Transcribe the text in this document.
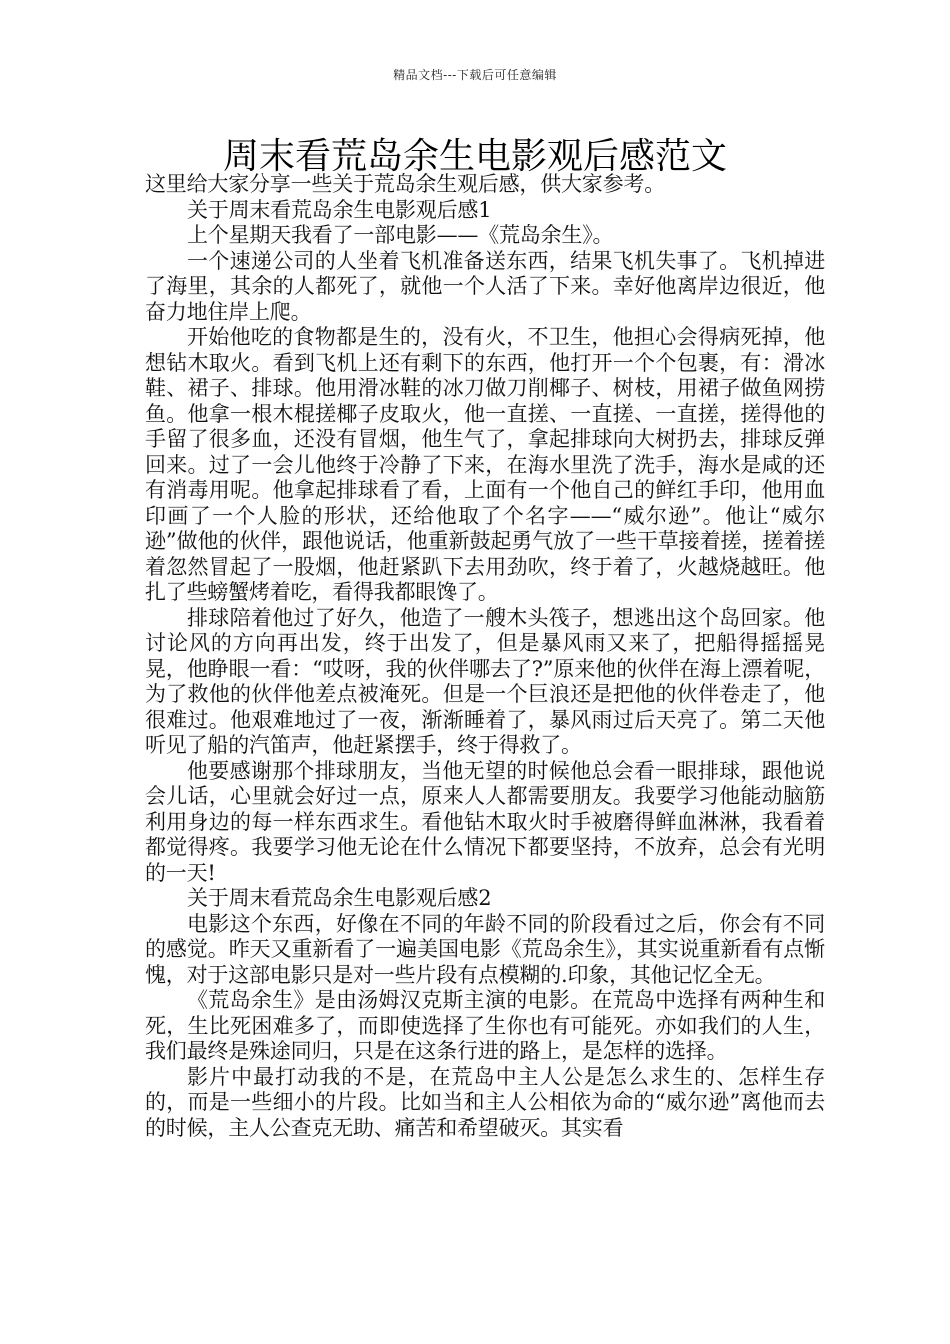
精品文档---下载后可任意编辑
周末看荒岛余生电影观后感范文

这里给大家分享一些关于荒岛余生观后感，供大家参考。

关于周末看荒岛余生电影观后感1

上个星期天我看了一部电影——《荒岛余生》。

一个速递公司的人坐着飞机准备送东西，结果飞机失事了。飞机掉进了海里，其余的人都死了，就他一个人活了下来。幸好他离岸边很近，他奋力地住岸上爬。

开始他吃的食物都是生的，没有火，不卫生，他担心会得病死掉，他想钻木取火。看到飞机上还有剩下的东西，他打开一个个包裹，有：滑冰鞋、裙子、排球。他用滑冰鞋的冰刀做刀削椰子、树枝，用裙子做鱼网捞鱼。他拿一根木棍搓椰子皮取火，他一直搓、一直搓、一直搓，搓得他的手留了很多血，还没有冒烟，他生气了，拿起排球向大树扔去，排球反弹回来。过了一会儿他终于冷静了下来，在海水里洗了洗手，海水是咸的还有消毒用呢。他拿起排球看了看，上面有一个他自己的鲜红手印，他用血印画了一个人脸的形状，还给他取了个名字——“威尔逊”。他让“威尔逊”做他的伙伴，跟他说话，他重新鼓起勇气放了一些干草接着搓，搓着搓着忽然冒起了一股烟，他赶紧趴下去用劲吹，终于着了，火越烧越旺。他扎了些螃蟹烤着吃，看得我都眼馋了。

排球陪着他过了好久，他造了一艘木头筏子，想逃出这个岛回家。他讨论风的方向再出发，终于出发了，但是暴风雨又来了，把船得摇摇晃晃，他睁眼一看：“哎呀，我的伙伴哪去了?”原来他的伙伴在海上漂着呢，为了救他的伙伴他差点被淹死。但是一个巨浪还是把他的伙伴卷走了，他很难过。他艰难地过了一夜，渐渐睡着了，暴风雨过后天亮了。第二天他听见了船的汽笛声，他赶紧摆手，终于得救了。

他要感谢那个排球朋友，当他无望的时候他总会看一眼排球，跟他说会儿话，心里就会好过一点，原来人人都需要朋友。我要学习他能动脑筋利用身边的每一样东西求生。看他钻木取火时手被磨得鲜血淋淋，我看着都觉得疼。我要学习他无论在什么情况下都要坚持，不放弃，总会有光明的一天!

关于周末看荒岛余生电影观后感2

电影这个东西，好像在不同的年龄不同的阶段看过之后，你会有不同的感觉。昨天又重新看了一遍美国电影《荒岛余生》，其实说重新看有点惭愧，对于这部电影只是对一些片段有点模糊的.印象，其他记忆全无。

《荒岛余生》是由汤姆汉克斯主演的电影。在荒岛中选择有两种生和死，生比死困难多了，而即使选择了生你也有可能死。亦如我们的人生，我们最终是殊途同归，只是在这条行进的路上，是怎样的选择。

影片中最打动我的不是，在荒岛中主人公是怎么求生的、怎样生存的，而是一些细小的片段。比如当和主人公相依为命的“威尔逊”离他而去的时候，主人公查克无助、痛苦和希望破灭。其实看
